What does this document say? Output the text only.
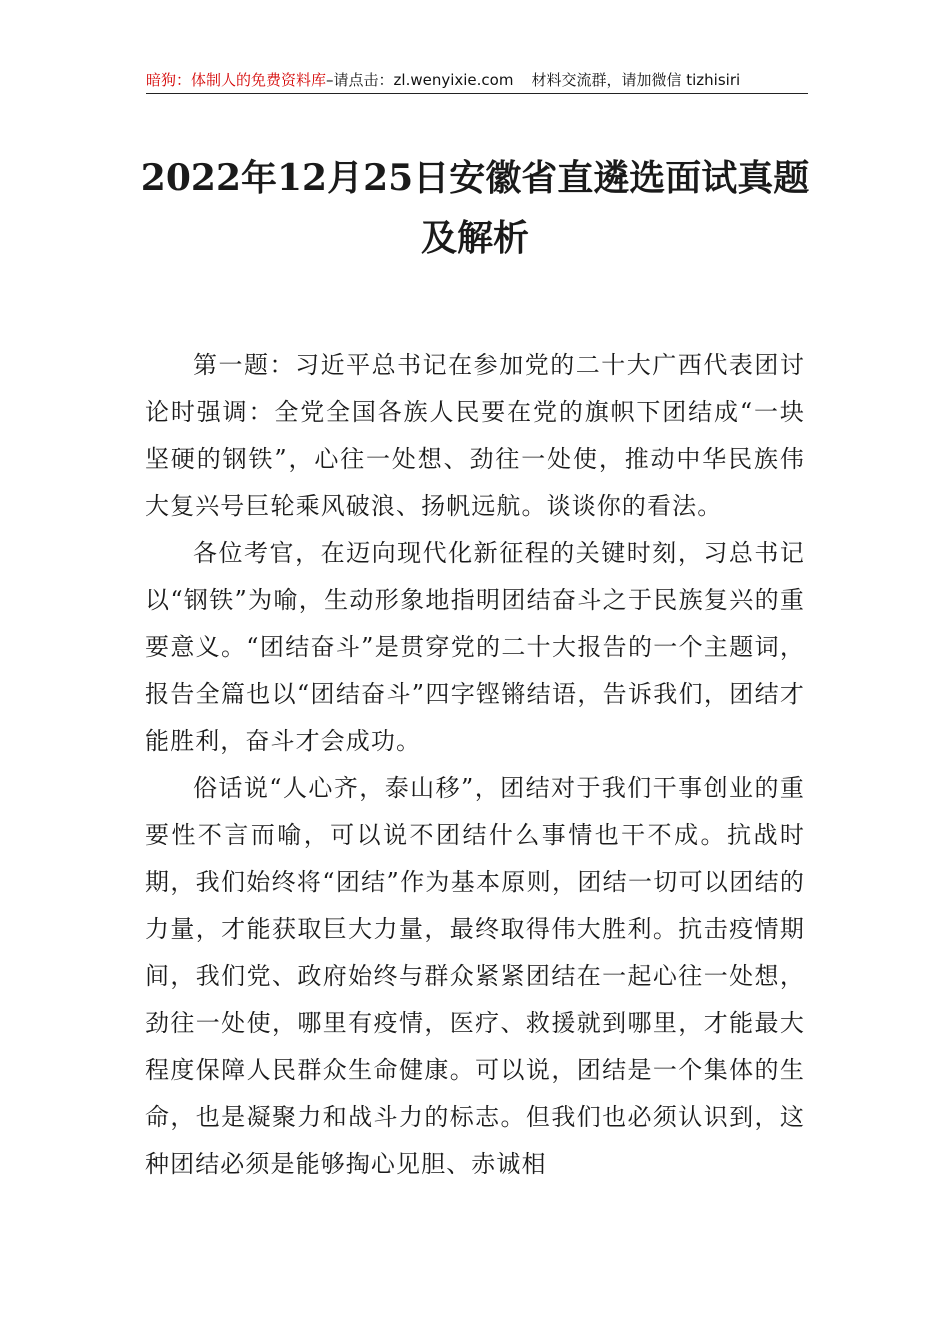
暗狗：体制人的免费资料库–请点击：zl.wenyixie.com 材料交流群，请加微信 tizhisiri
2022年12月25日安徽省直遴选面试真题
及解析

第一题：习近平总书记在参加党的二十大广西代表团讨论时强调：全党全国各族人民要在党的旗帜下团结成“一块坚硬的钢铁”，心往一处想、劲往一处使，推动中华民族伟大复兴号巨轮乘风破浪、扬帆远航。谈谈你的看法。

各位考官，在迈向现代化新征程的关键时刻，习总书记以“钢铁”为喻，生动形象地指明团结奋斗之于民族复兴的重要意义。“团结奋斗”是贯穿党的二十大报告的一个主题词，报告全篇也以“团结奋斗”四字铿锵结语，告诉我们，团结才能胜利，奋斗才会成功。

俗话说“人心齐，泰山移”，团结对于我们干事创业的重要性不言而喻，可以说不团结什么事情也干不成。抗战时期，我们始终将“团结”作为基本原则，团结一切可以团结的力量，才能获取巨大力量，最终取得伟大胜利。抗击疫情期间，我们党、政府始终与群众紧紧团结在一起心往一处想，劲往一处使，哪里有疫情，医疗、救援就到哪里，才能最大程度保障人民群众生命健康。可以说，团结是一个集体的生命，也是凝聚力和战斗力的标志。但我们也必须认识到，这种团结必须是能够掏心见胆、赤诚相
